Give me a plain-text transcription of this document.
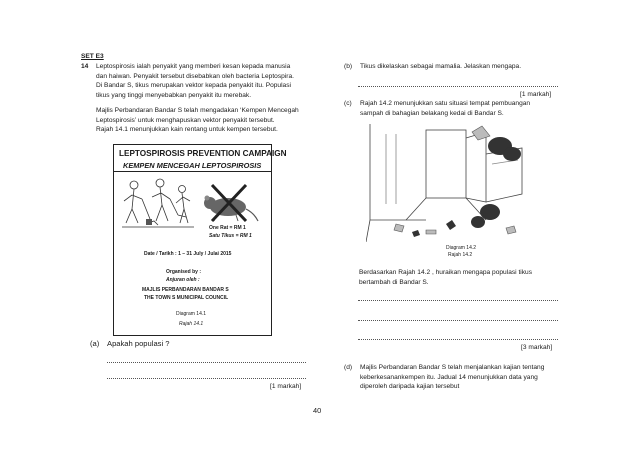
SET E3
14 Leptospirosis ialah penyakit yang memberi kesan kepada manusia
dan haiwan. Penyakit tersebut disebabkan oleh bacteria Leptospira.
Di Bandar S, tikus merupakan vektor kepada penyakit itu. Populasi
tikus yang tinggi menyebabkan penyakit itu merebak.
Majlis Perbandaran Bandar S telah mengadakan ‘Kempen Mencegah
Leptospirosis’ untuk menghapuskan vektor penyakit tersebut.
Rajah 14.1 menunjukkan kain rentang untuk kempen tersebut.
LEPTOSPIROSIS PREVENTION CAMPAIGN
KEMPEN MENCEGAH LEPTOSPIROSIS
One Rat = RM 1
Satu Tikus = RM 1
Date / Tarikh : 1 – 31 July / Julai 2015
Organised by :
Anjuran oleh :
MAJLIS PERBANDARAN BANDAR S
THE TOWN S MUNICIPAL COUNCIL
Diagram 14.1
Rajah 14.1
(a) Apakah populasi ?
[1 markah]
(b) Tikus dikelaskan sebagai mamalia. Jelaskan mengapa.
[1 markah]
(c) Rajah 14.2 menunjukkan satu situasi tempat pembuangan
sampah di bahagian belakang kedai di Bandar S.
Diagram 14.2
Rajah 14.2
Berdasarkan Rajah 14.2 , huraikan mengapa populasi tikus
bertambah di Bandar S.
[3 markah]
(d) Majlis Perbandaran Bandar S telah menjalankan kajian tentang
keberkesanankempen itu. Jadual 14 menunjukkan data yang
diperoleh daripada kajian tersebut
40
